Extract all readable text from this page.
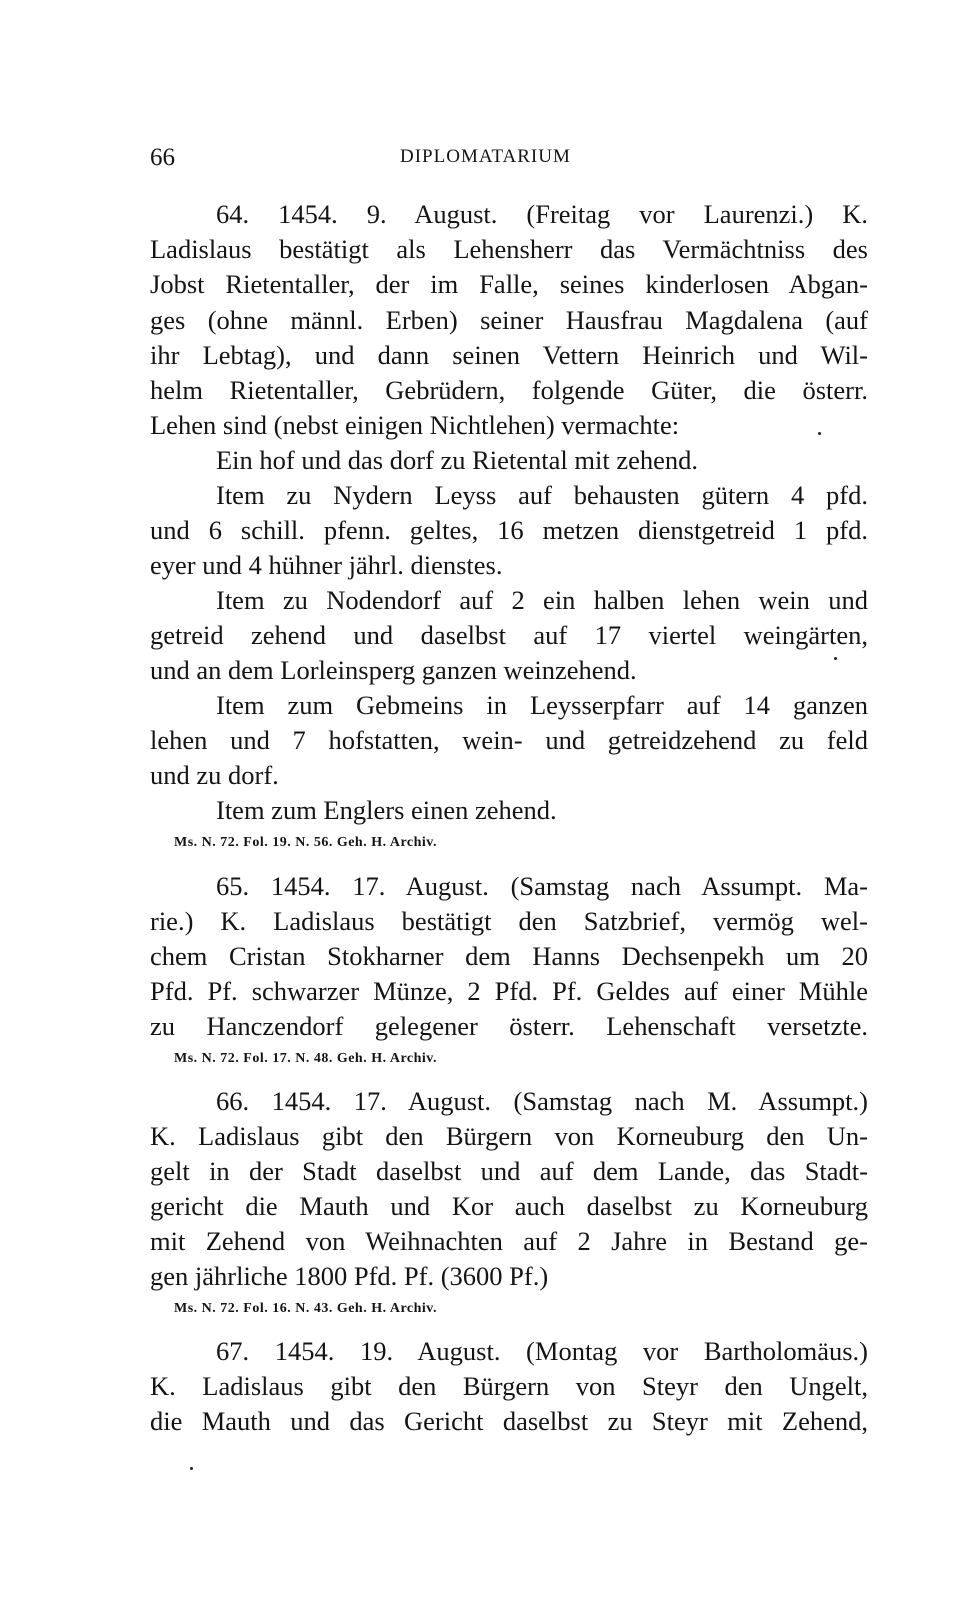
66	DIPLOMATARIUM
64. 1454. 9. August. (Freitag vor Laurenzi.) K.
Ladislaus bestätigt als Lehensherr das Vermächtniss des
Jobst Rietentaller, der im Falle, seines kinderlosen Abgan-
ges (ohne männl. Erben) seiner Hausfrau Magdalena (auf
ihr Lebtag), und dann seinen Vettern Heinrich und Wil-
helm Rietentaller, Gebrüdern, folgende Güter, die österr.
Lehen sind (nebst einigen Nichtlehen) vermachte:
Ein hof und das dorf zu Rietental mit zehend.
Item zu Nydern Leyss auf behausten gütern 4 pfd.
und 6 schill. pfenn. geltes, 16 metzen dienstgetreid 1 pfd.
eyer und 4 hühner jährl. dienstes.
Item zu Nodendorf auf 2 ein halben lehen wein und
getreid zehend und daselbst auf 17 viertel weingärten,
und an dem Lorleinsperg ganzen weinzehend.
Item zum Gebmeins in Leysserpfarr auf 14 ganzen
lehen und 7 hofstatten, wein- und getreidzehend zu feld
und zu dorf.
Item zum Englers einen zehend.
Ms. N. 72. Fol. 19. N. 56. Geh. H. Archiv.
65. 1454. 17. August. (Samstag nach Assumpt. Ma-
rie.) K. Ladislaus bestätigt den Satzbrief, vermög wel-
chem Cristan Stokharner dem Hanns Dechsenpekh um 20
Pfd. Pf. schwarzer Münze, 2 Pfd. Pf. Geldes auf einer Mühle
zu Hanczendorf gelegener österr. Lehenschaft versetzte.
Ms. N. 72. Fol. 17. N. 48. Geh. H. Archiv.
66. 1454. 17. August. (Samstag nach M. Assumpt.)
K. Ladislaus gibt den Bürgern von Korneuburg den Un-
gelt in der Stadt daselbst und auf dem Lande, das Stadt-
gericht die Mauth und Kor auch daselbst zu Korneuburg
mit Zehend von Weihnachten auf 2 Jahre in Bestand ge-
gen jährliche 1800 Pfd. Pf. (3600 Pf.)
Ms. N. 72. Fol. 16. N. 43. Geh. H. Archiv.
67. 1454. 19. August. (Montag vor Bartholomäus.)
K. Ladislaus gibt den Bürgern von Steyr den Ungelt,
die Mauth und das Gericht daselbst zu Steyr mit Zehend,
